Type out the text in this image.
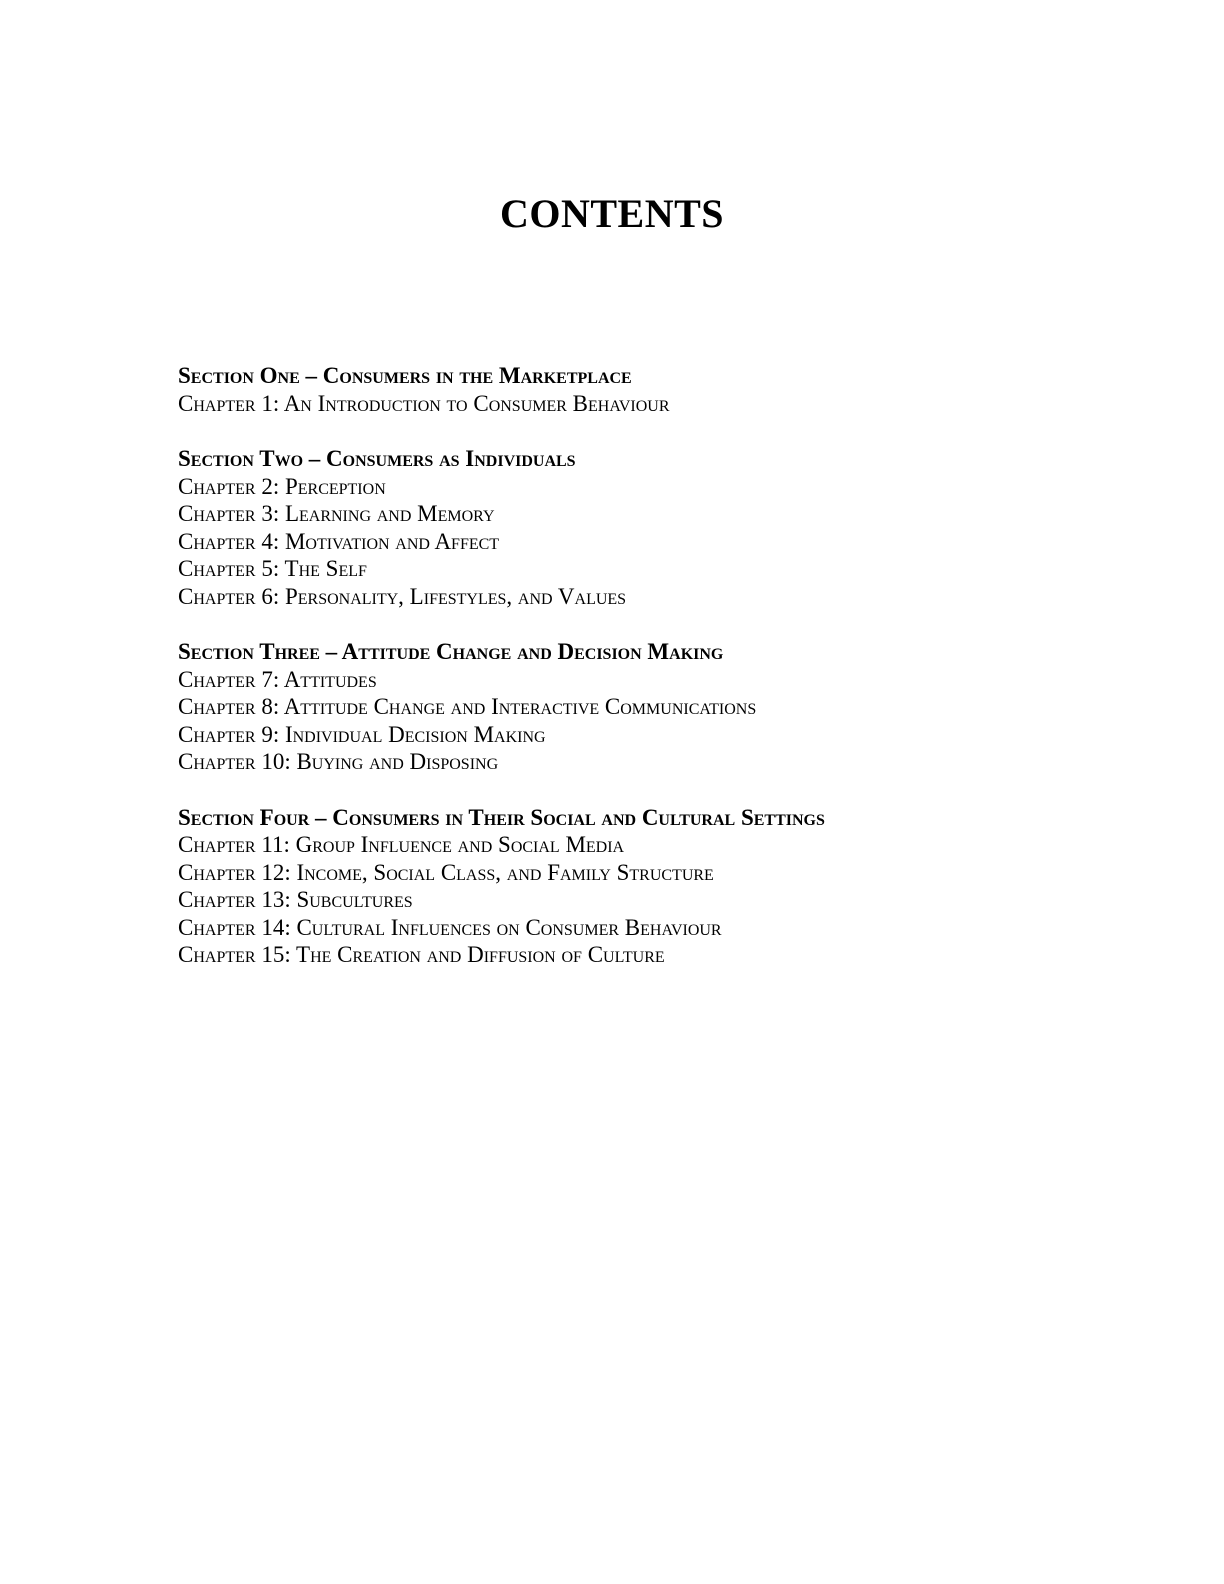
CONTENTS
Section One – Consumers in the Marketplace
Chapter 1: An Introduction to Consumer Behaviour
Section Two – Consumers as Individuals
Chapter 2: Perception
Chapter 3: Learning and Memory
Chapter 4: Motivation and Affect
Chapter 5: The Self
Chapter 6: Personality, Lifestyles, and Values
Section Three – Attitude Change and Decision Making
Chapter 7: Attitudes
Chapter 8: Attitude Change and Interactive Communications
Chapter 9: Individual Decision Making
Chapter 10: Buying and Disposing
Section Four – Consumers in Their Social and Cultural Settings
Chapter 11: Group Influence and Social Media
Chapter 12: Income, Social Class, and Family Structure
Chapter 13: Subcultures
Chapter 14: Cultural Influences on Consumer Behaviour
Chapter 15: The Creation and Diffusion of Culture
